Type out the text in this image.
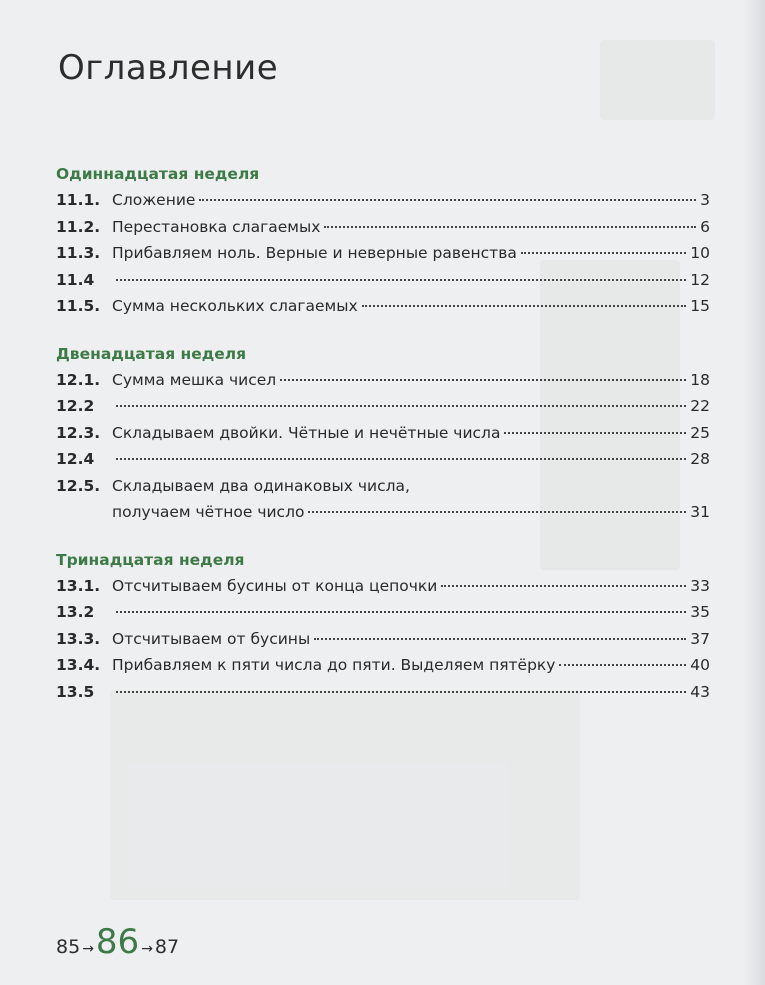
Оглавление
Одиннадцатая неделя
11.1. Сложение	3
11.2. Перестановка слагаемых	6
11.3. Прибавляем ноль. Верные и неверные равенства	10
11.4	12
11.5. Сумма нескольких слагаемых	15
Двенадцатая неделя
12.1. Сумма мешка чисел	18
12.2	22
12.3. Складываем двойки. Чётные и нечётные числа	25
12.4	28
12.5. Складываем два одинаковых числа,
получаем чётное число	31
Тринадцатая неделя
13.1. Отсчитываем бусины от конца цепочки	33
13.2	35
13.3. Отсчитываем от бусины	37
13.4. Прибавляем к пяти числа до пяти. Выделяем пятёрку	40
13.5	43
85 → 86 → 87
